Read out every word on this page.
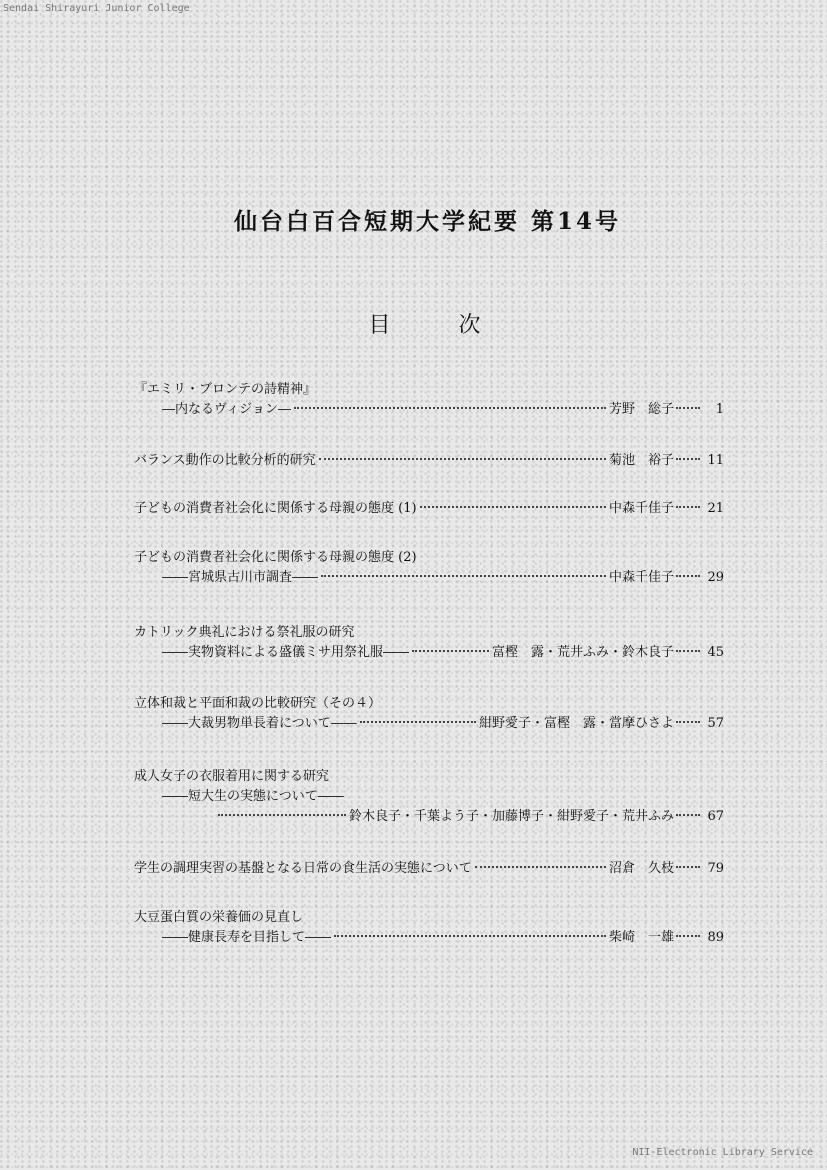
Sendai Shirayuri Junior College
仙台白百合短期大学紀要 第14号
目次
『エミリ・ブロンテの詩精神』
―内なるヴィジョン―	芳野　総子	1
バランス動作の比較分析的研究	菊池　裕子	11
子どもの消費者社会化に関係する母親の態度 (1)	中森千佳子	21
子どもの消費者社会化に関係する母親の態度 (2)
――宮城県古川市調査――	中森千佳子	29
カトリック典礼における祭礼服の研究
――実物資料による盛儀ミサ用祭礼服――	富樫　露・荒井ふみ・鈴木良子	45
立体和裁と平面和裁の比較研究（その４）
――大裁男物単長着について――	紺野愛子・富樫　露・當摩ひさよ	57
成人女子の衣服着用に関する研究
――短大生の実態について――
鈴木良子・千葉よう子・加藤博子・紺野愛子・荒井ふみ	67
学生の調理実習の基盤となる日常の食生活の実態について	沼倉　久枝	79
大豆蛋白質の栄養価の見直し
――健康長寿を目指して――	柴崎　一雄	89
NII-Electronic Library Service
